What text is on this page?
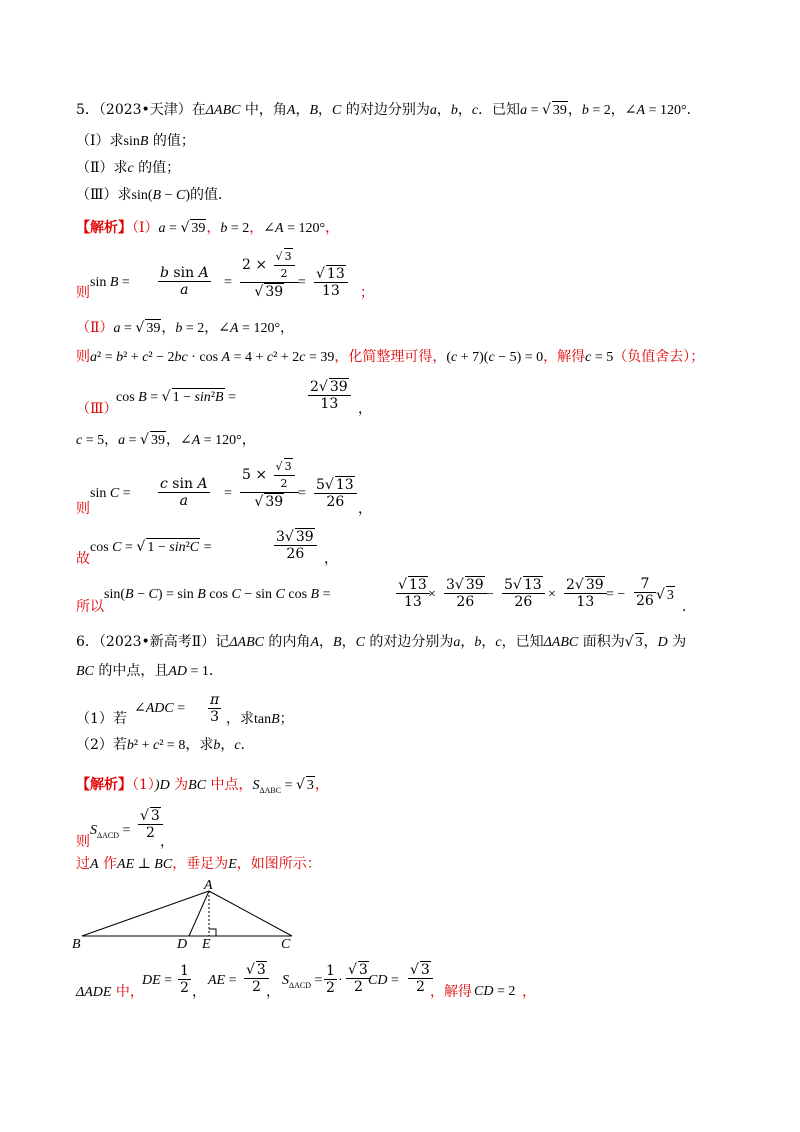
5．（2023•天津）在ΔABC 中，角A，B，C 的对边分别为a，b，c．已知a = √ 39，b = 2，∠A = 120°．
（Ⅰ）求sinB 的值；
（Ⅱ）求c 的值；
（Ⅲ）求sin(B − C)的值．
【解析】（Ⅰ）a = √ 39，b = 2，∠A = 120°，
则
$\sin B = \frac{\text{b sin A}}{a} = \frac{2 \times \frac{√ 3}{2}}{√ 39} = \frac{√ 13}{13}$ ；
（Ⅱ）a = √ 39，b = 2，∠A = 120°，
则a² = b² + c² − 2bc · cos A = 4 + c² + 2c = 39，化简整理可得，(c + 7)(c − 5) = 0，解得c = 5（负值舍去）；
（Ⅲ）
cos B = √ 1 − sin²B =	$\frac{2√ 39}{13}$ ，
c = 5，a = √ 39，∠A = 120°，
则
$\sin C = \frac{\text{c sin A}}{a} = \frac{5 \times \frac{√ 3}{2}}{√ 39} = \frac{5√ 13}{26}$ ，
故
cos C = √ 1 − sin²C =	$\frac{3√ 39}{26}$ ，
所以
sin(B − C) = sin B cos C − sin C cos B =	$\frac{√ 13}{13}$
× $\frac{3√ 39}{26} - \frac{5√ 13}{26} \times \frac{2√ 39}{13}$ = − $\frac{7}{26}$ √ 3
．
6．（2023•新高考Ⅱ）记ΔABC 的内角A，B，C 的对边分别为a，b，c，已知ΔABC 面积为√ 3，D 为
BC 的中点，且AD = 1．
（1）若
∠ADC = $\frac{\pi}{3}$ ，求tanB；
（2）若b² + c² = 8，求b，c．
【解析】（1）)D 为BC 中点，$S_{\Delta ABC}$ = √ 3，
则
$S_{\Delta ACD} = \frac{√ 3}{2}$
，
过A 作AE ⊥ BC，垂足为E，如图所示：
A
B	D E	C
ΔADE 中，
DE = $\frac{1}{2}$ ，
AE = $\frac{√ 3}{2}$
，
$S_{\Delta ACD} = \frac{1}{2} \cdot \frac{√ 3}{2}$
CD = $\frac{√ 3}{2}$
，解得 CD = 2 ，
